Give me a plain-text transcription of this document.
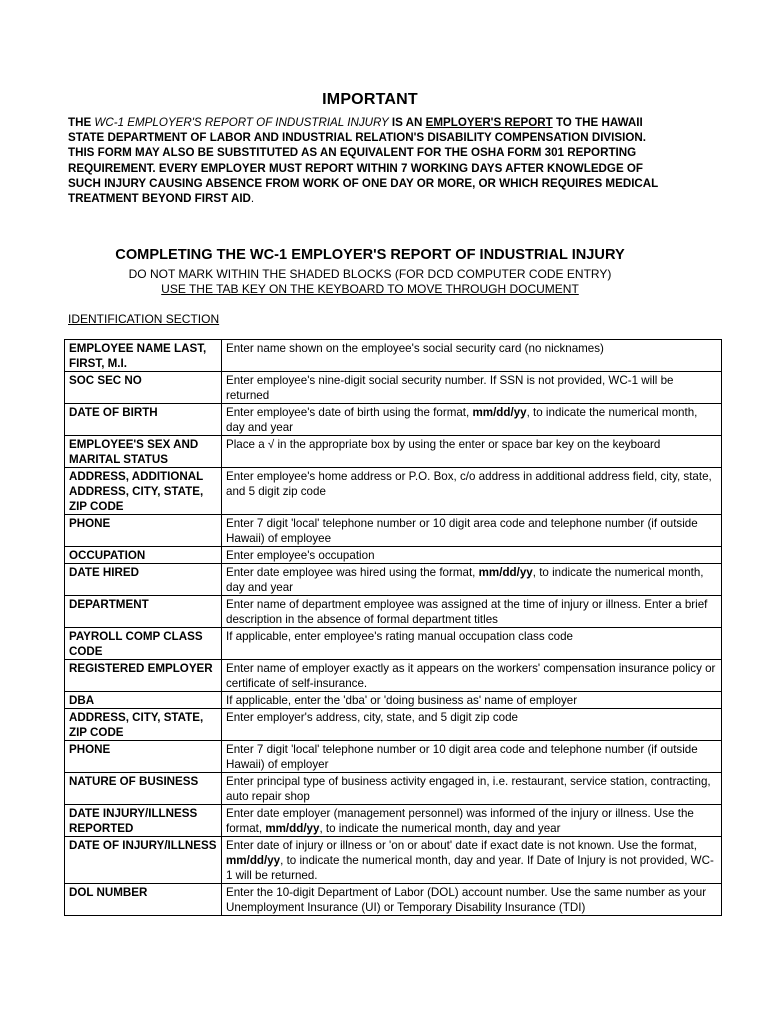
IMPORTANT
THE WC-1 EMPLOYER'S REPORT OF INDUSTRIAL INJURY IS AN EMPLOYER'S REPORT TO THE HAWAII STATE DEPARTMENT OF LABOR AND INDUSTRIAL RELATION'S DISABILITY COMPENSATION DIVISION. THIS FORM MAY ALSO BE SUBSTITUTED AS AN EQUIVALENT FOR THE OSHA FORM 301 REPORTING REQUIREMENT. EVERY EMPLOYER MUST REPORT WITHIN 7 WORKING DAYS AFTER KNOWLEDGE OF SUCH INJURY CAUSING ABSENCE FROM WORK OF ONE DAY OR MORE, OR WHICH REQUIRES MEDICAL TREATMENT BEYOND FIRST AID.
COMPLETING THE WC-1 EMPLOYER'S REPORT OF INDUSTRIAL INJURY
DO NOT MARK WITHIN THE SHADED BLOCKS (FOR DCD COMPUTER CODE ENTRY)
USE THE TAB KEY ON THE KEYBOARD TO MOVE THROUGH DOCUMENT
IDENTIFICATION SECTION
EMPLOYEE NAME LAST, FIRST, M.I.	Enter name shown on the employee's social security card (no nicknames)
SOC SEC NO	Enter employee's nine-digit social security number. If SSN is not provided, WC-1 will be returned
DATE OF BIRTH	Enter employee's date of birth using the format, mm/dd/yy, to indicate the numerical month, day and year
EMPLOYEE'S SEX AND MARITAL STATUS	Place a √ in the appropriate box by using the enter or space bar key on the keyboard
ADDRESS, ADDITIONAL ADDRESS, CITY, STATE, ZIP CODE	Enter employee's home address or P.O. Box, c/o address in additional address field, city, state, and 5 digit zip code
PHONE	Enter 7 digit 'local' telephone number or 10 digit area code and telephone number (if outside Hawaii) of employee
OCCUPATION	Enter employee's occupation
DATE HIRED	Enter date employee was hired using the format, mm/dd/yy, to indicate the numerical month, day and year
DEPARTMENT	Enter name of department employee was assigned at the time of injury or illness. Enter a brief description in the absence of formal department titles
PAYROLL COMP CLASS CODE	If applicable, enter employee's rating manual occupation class code
REGISTERED EMPLOYER	Enter name of employer exactly as it appears on the workers' compensation insurance policy or certificate of self-insurance.
DBA	If applicable, enter the 'dba' or 'doing business as' name of employer
ADDRESS, CITY, STATE, ZIP CODE	Enter employer's address, city, state, and 5 digit zip code
PHONE	Enter 7 digit 'local' telephone number or 10 digit area code and telephone number (if outside Hawaii) of employer
NATURE OF BUSINESS	Enter principal type of business activity engaged in, i.e. restaurant, service station, contracting, auto repair shop
DATE INJURY/ILLNESS REPORTED	Enter date employer (management personnel) was informed of the injury or illness. Use the format, mm/dd/yy, to indicate the numerical month, day and year
DATE OF INJURY/ILLNESS	Enter date of injury or illness or 'on or about' date if exact date is not known. Use the format, mm/dd/yy, to indicate the numerical month, day and year. If Date of Injury is not provided, WC-1 will be returned.
DOL NUMBER	Enter the 10-digit Department of Labor (DOL) account number. Use the same number as your Unemployment Insurance (UI) or Temporary Disability Insurance (TDI)
